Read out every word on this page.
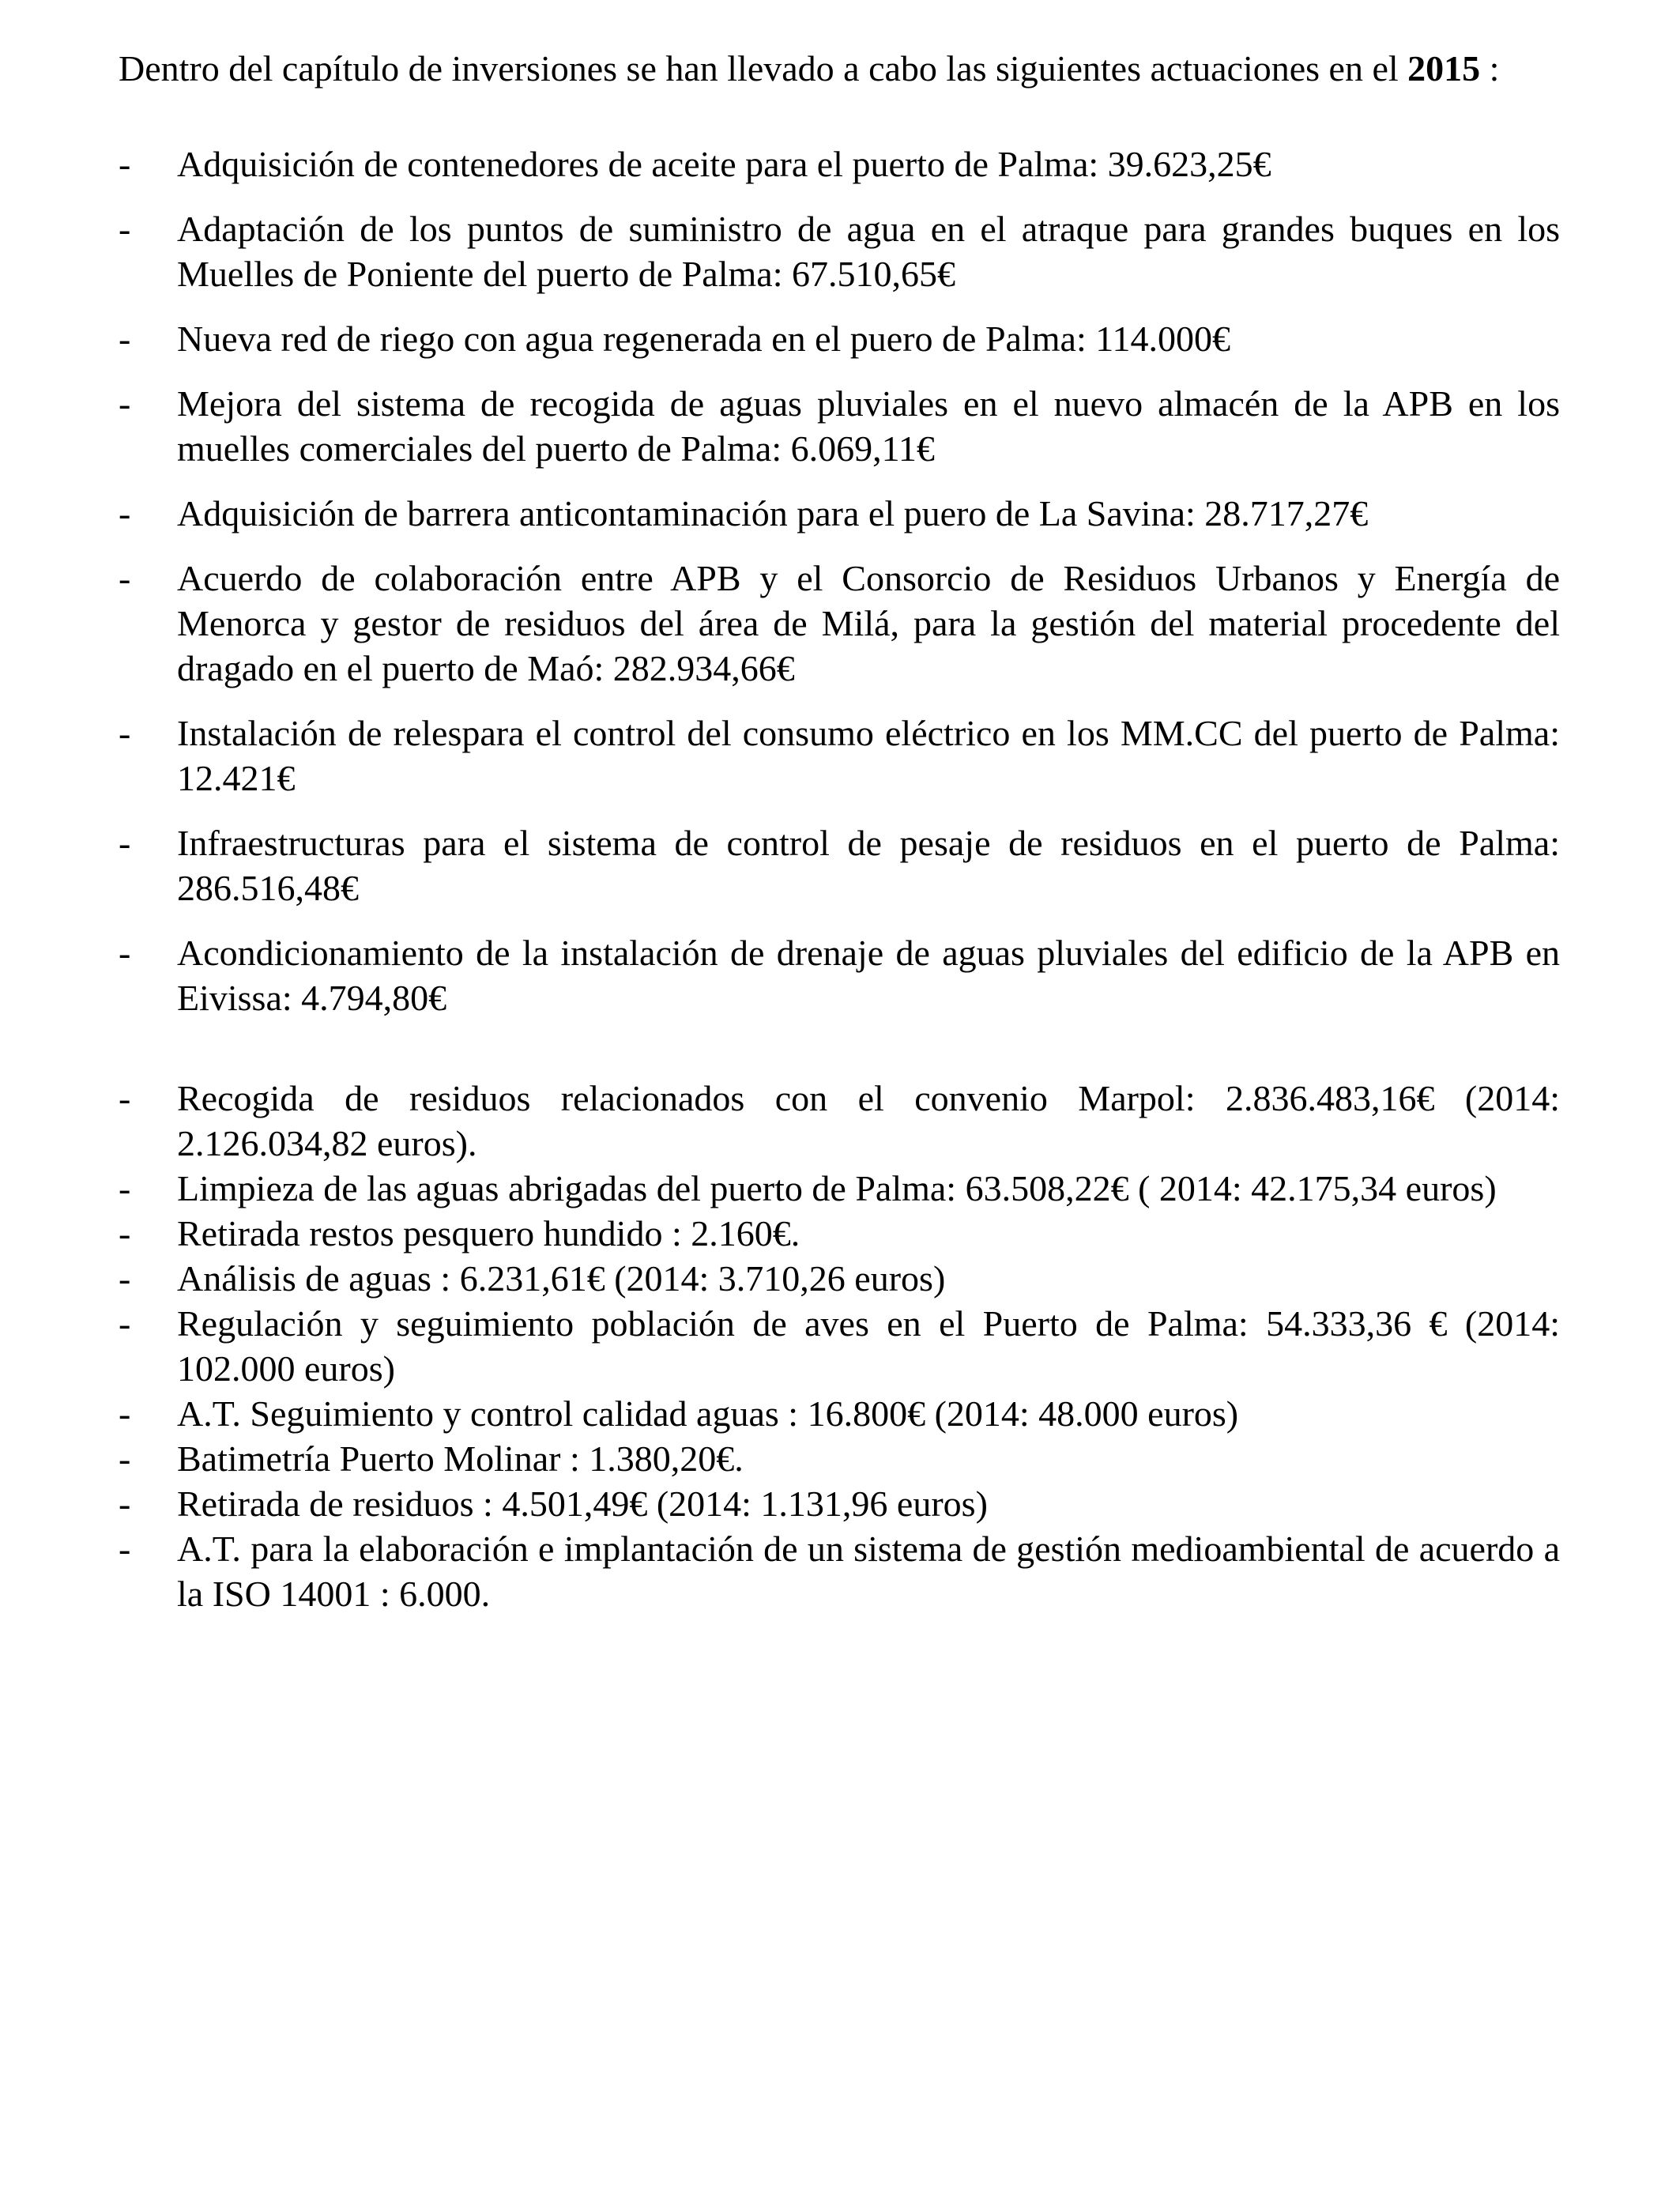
Dentro del capítulo de inversiones se han llevado a cabo las siguientes actuaciones en el 2015 :

- Adquisición de contenedores de aceite para el puerto de Palma: 39.623,25€
- Adaptación de los puntos de suministro de agua en el atraque para grandes buques en los Muelles de Poniente del puerto de Palma: 67.510,65€
- Nueva red de riego con agua regenerada en el puero de Palma: 114.000€
- Mejora del sistema de recogida de aguas pluviales en el nuevo almacén de la APB en los muelles comerciales del puerto de Palma: 6.069,11€
- Adquisición de barrera anticontaminación para el puero de La Savina: 28.717,27€
- Acuerdo de colaboración entre APB y el Consorcio de Residuos Urbanos y Energía de Menorca y gestor de residuos del área de Milá, para la gestión del material procedente del dragado en el puerto de Maó: 282.934,66€
- Instalación de relespara el control del consumo eléctrico en los MM.CC del puerto de Palma: 12.421€
- Infraestructuras para el sistema de control de pesaje de residuos en el puerto de Palma: 286.516,48€
- Acondicionamiento de la instalación de drenaje de aguas pluviales del edificio de la APB en Eivissa: 4.794,80€
- Recogida de residuos relacionados con el convenio Marpol: 2.836.483,16€ (2014: 2.126.034,82 euros).
- Limpieza de las aguas abrigadas del puerto de Palma: 63.508,22€ ( 2014: 42.175,34 euros)
- Retirada restos pesquero hundido : 2.160€.
- Análisis de aguas : 6.231,61€ (2014: 3.710,26 euros)
- Regulación y seguimiento población de aves en el Puerto de Palma: 54.333,36 € (2014: 102.000 euros)
- A.T. Seguimiento y control calidad aguas : 16.800€ (2014: 48.000 euros)
- Batimetría Puerto Molinar : 1.380,20€.
- Retirada de residuos : 4.501,49€ (2014: 1.131,96 euros)
- A.T. para la elaboración e implantación de un sistema de gestión medioambiental de acuerdo a la ISO 14001 : 6.000.
